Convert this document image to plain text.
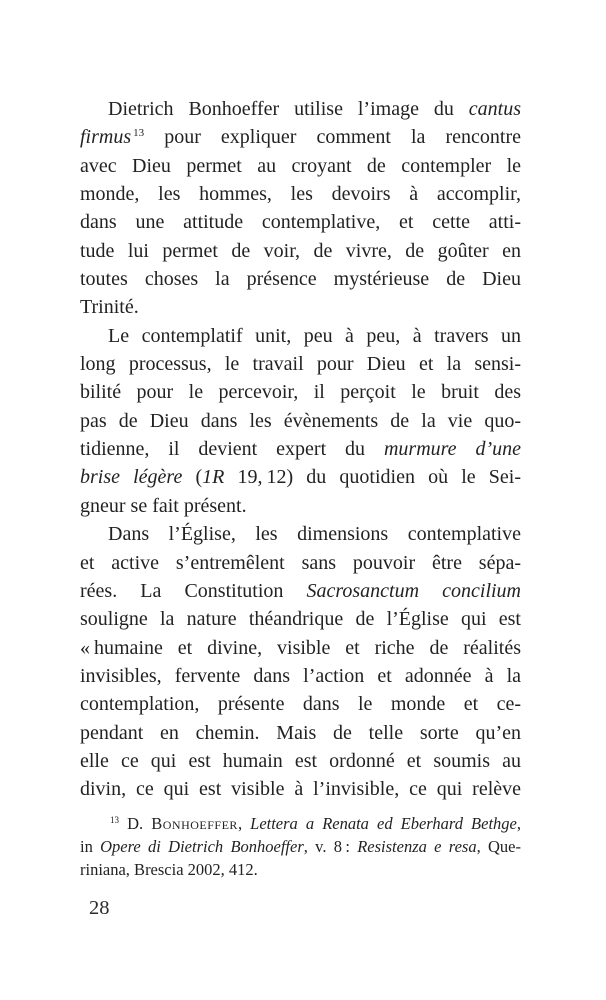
Dietrich Bonhoeffer utilise l’image du cantus
firmus $^{13}$ pour expliquer comment la rencontre
avec Dieu permet au croyant de contempler le
monde, les hommes, les devoirs à accomplir,
dans une attitude contemplative, et cette atti-
tude lui permet de voir, de vivre, de goûter en
toutes choses la présence mystérieuse de Dieu
Trinité.
Le contemplatif unit, peu à peu, à travers un
long processus, le travail pour Dieu et la sensi-
bilité pour le percevoir, il perçoit le bruit des
pas de Dieu dans les évènements de la vie quo-
tidienne, il devient expert du murmure d’une
brise légère (1R 19, 12) du quotidien où le Sei-
gneur se fait présent.
Dans l’Église, les dimensions contemplative
et active s’entremêlent sans pouvoir être sépa-
rées. La Constitution Sacrosanctum concilium
souligne la nature théandrique de l’Église qui est
« humaine et divine, visible et riche de réalités
invisibles, fervente dans l’action et adonnée à la
contemplation, présente dans le monde et ce-
pendant en chemin. Mais de telle sorte qu’en
elle ce qui est humain est ordonné et soumis au
divin, ce qui est visible à l’invisible, ce qui relève
$^{13}$ D. Bonhoeffer, Lettera a Renata ed Eberhard Bethge,
in Opere di Dietrich Bonhoeffer, v. 8 : Resistenza e resa, Que-
riniana, Brescia 2002, 412.
28
